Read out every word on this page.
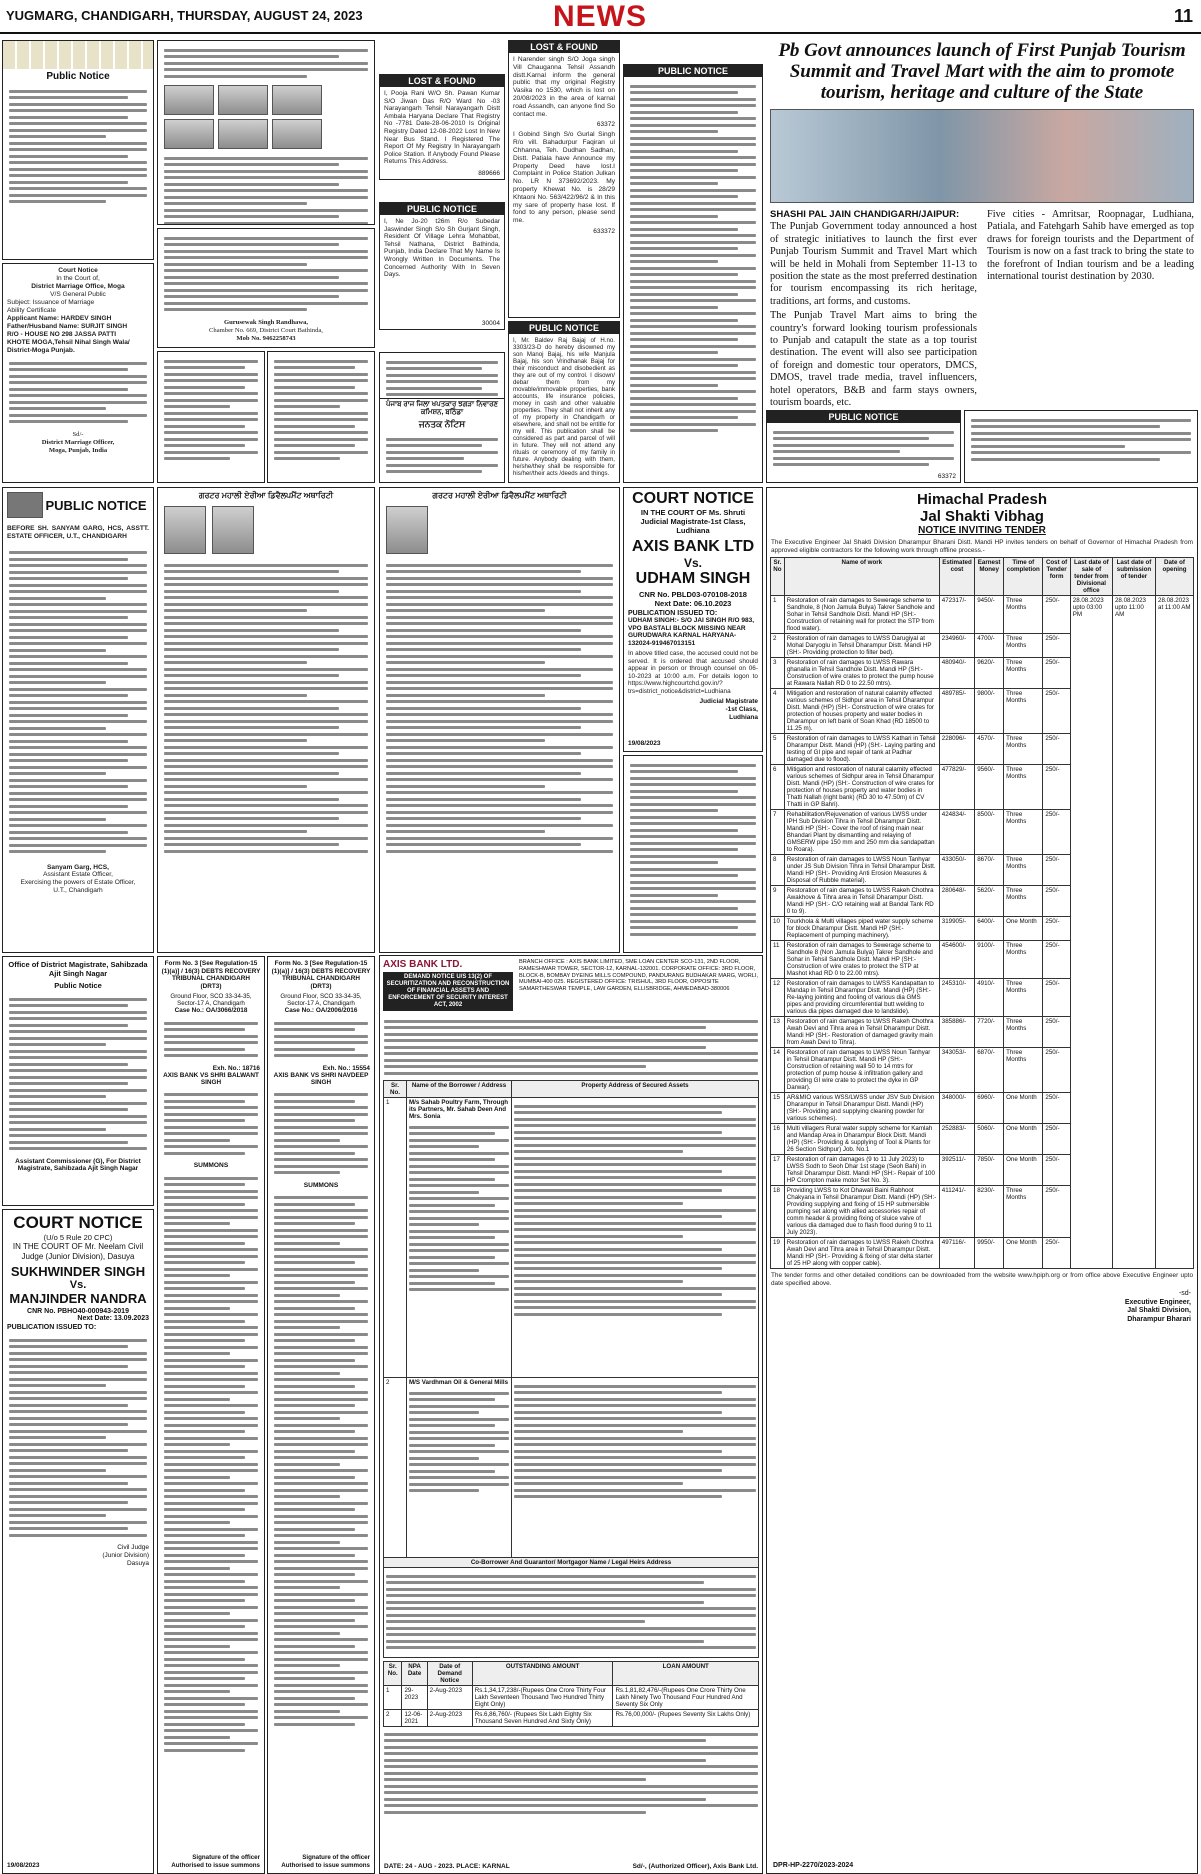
YUGMARG, CHANDIGARH, THURSDAY, AUGUST 24, 2023	NEWS	11
Public Notice
Court Notice
In the Court of,
District Marriage Office, Moga
V/S General Public
Subject: Issuance of Marriage
Ability Certificate
Applicant Name: HARDEV SINGH
Father/Husband Name: SURJIT SINGH
R/O - HOUSE NO 298 JASSA PATTI
KHOTE MOGA,Tehsil Nihal Singh Wala/
District-Moga Punjab.
Sd/-
District Marriage Officer,
Moga, Punjab, India
Gurusewak Singh Randhawa,
Chamber No. 669, District Court Bathinda,
Mob No. 9462258743
LOST & FOUND
I, Pooja Rani W/O Sh. Pawan Kumar S/O Jiwan Das R/O Ward No -03 Narayangarh Tehsil Narayangarh Distt Ambala Haryana Declare That Registry No -7781 Date-28-06-2010 Is Original Registry Dated 12-08-2022 Lost In New Near Bus Stand. I Registered The Report Of My Registry In Narayangarh Police Station. If Anybody Found Please Returns This Address.
889666
PUBLIC NOTICE
I, Ne Jo-20 t26m R/o Subedar Jaswinder Singh S/o Sh Gurjant Singh, Resident Of Village Lehra Mohabbat, Tehsil Nathana, District Bathinda, Punjab, India Declare That My Name Is Wrongly Written In Documents. The Concerned Authority With In Seven Days.
30004
ਪੰਜਾਬ ਰਾਜ ਜਿਲਾ ਖਪਤਕਾਰ ਝਗੜਾ ਨਿਵਾਰਣ ਕਮਿਸ਼ਨ, ਬਠਿੰਡਾ
ਜਨਤਕ ਨੋਟਿਸ
LOST & FOUND
I Narender singh S/O Joga singh Vill Chauganna Tehsil Assandh distt.Karnal inform the general public that my original Registry Vasika no 1530, which is lost on 20/08/2023 in the area of karnal road Assandh, can anyone find So contact me.
63372
I Gobind Singh S/o Gurlal Singh R/o vill. Bahadurpur Faqiran ul Chhanna, Teh. Dudhan Sadhan, Distt. Patiala have Announce my Property Deed have lost.I Complaint in Police Station Julkan No. LR N 373692/2023. My property Khewat No. is 28/29 Khtaoni No. 563/422/96/2 & In this my sare of property hase lost. If fond to any person, please send me.
633372
PUBLIC NOTICE
I, Mr. Baldev Raj Bajaj of H.no. 3303/23-D do hereby disowned my son Manoj Bajaj, his wife Manjula Bajaj, his son Vrindhanak Bajaj for their misconduct and disobedient as they are out of my control. I disown/ debar them from my movable/immovable properties, bank accounts, life insurance policies, money in cash and other valuable properties. They shall not inherit any of my property in Chandigarh or elsewhere, and shall not be entitle for my will. This publication shall be considered as part and parcel of will in future. They will not attend any rituals or ceremony of my family in future. Anybody dealing with them, he/she/they shall be responsible for his/her/their acts /deeds and things.
PUBLIC NOTICE
Pb Govt announces launch of First Punjab Tourism Summit and Travel Mart with the aim to promote tourism, heritage and culture of the State
SHASHI PAL JAIN CHANDIGARH/JAIPUR:
The Punjab Government today announced a host of strategic initiatives to launch the first ever Punjab Tourism Summit and Travel Mart which will be held in Mohali from September 11-13 to position the state as the most preferred destination for tourism encompassing its rich heritage, traditions, art forms, and customs.
The Punjab Travel Mart aims to bring the country's forward looking tourism professionals to Punjab and catapult the state as a top tourist destination. The event will also see participation of foreign and domestic tour operators, DMCS, DMOS, travel trade media, travel influencers, hotel operators, B&B and farm stays owners, tourism boards, etc.
Five cities - Amritsar, Roopnagar, Ludhiana, Patiala, and Fatehgarh Sahib have emerged as top draws for foreign tourists and the Department of Tourism is now on a fast track to bring the state to the forefront of Indian tourism and be a leading international tourist destination by 2030.
PUBLIC NOTICE
63372
PUBLIC NOTICE
BEFORE SH. SANYAM GARG, HCS, ASSTT. ESTATE OFFICER, U.T., CHANDIGARH
Sanyam Garg, HCS,
Assistant Estate Officer,
Exercising the powers of Estate Officer,
U.T., Chandigarh
ਗਰਟਰ ਮਹਾਲੀ ਏਰੀਆ ਡਿਵੈਲਪਮੈਂਟ ਅਥਾਰਿਟੀ	ਗਰਟਰ ਮਹਾਲੀ ਏਰੀਆ ਡਿਵੈਲਪਮੈਂਟ ਅਥਾਰਿਟੀ	COURT NOTICE
IN THE COURT OF Ms. Shruti Judicial Magistrate-1st Class, Ludhiana
AXIS BANK LTD
Vs.
UDHAM SINGH
CNR No. PBLD03-070108-2018
Next Date: 06.10.2023
PUBLICATION ISSUED TO:
UDHAM SINGH:- S/O JAI SINGH R/O 983, VPO BASTALI BLOCK MISSING NEAR GURUDWARA KARNAL HARYANA-132024-919467013151
In above titled case, the accused could not be served. It is ordered that accused should appear in person or through counsel on 06-10-2023 at 10:00 a.m. For details logon to https://www.highcourtchd.gov.in/?trs=district_notice&district=Ludhiana
Judicial Magistrate
-1st Class,
Ludhiana
19/08/2023
Himachal Pradesh
Jal Shakti Vibhag
NOTICE INVITING TENDER
The Executive Engineer Jal Shakti Division Dharampur Bharani Distt. Mandi HP invites tenders on behalf of Governor of Himachal Pradesh from approved eligible contractors for the following work through offline process.-
Sr. No	Name of work	Estimated cost	Earnest Money	Time of completion	Cost of Tender form	Last date of sale of tender from Divisional office	Last date of submission of tender	Date of opening
1	Restoration of rain damages to Sewerage scheme to Sandhole, 8 (Non Jamula Bulya) Takrer Sandhole and Sohar in Tehsil Sandhole Distt. Mandi HP (SH:- Construction of retaining wall for protect the STP from flood water).	472317/-	9450/-	Three Months	250/-	28.08.2023 upto 03:00 PM	28.08.2023 upto 11:00 AM	28.08.2023 at 11:00 AM
2	Restoration of rain damages to LWSS Darugiyal at Mohal Daryoglu in Tehsil Dharampur Distt. Mandi HP (SH:- Providing protection to filter bed).	234960/-	4700/-	Three Months	250/-			
3	Restoration of rain damages to LWSS Rawara ghanalla in Tehsil Sandhole Distt. Mandi HP (SH:- Construction of wire crates to protect the pump house at Rawara Nallah RD 0 to 22.50 mtrs).	480940/-	9620/-	Three Months	250/-			
4	Mitigation and restoration of natural calamity effected various schemes of Sidhpur area in Tehsil Dharampur Distt. Mandi (HP) (SH:- Construction of wire crates for protection of houses property and water bodies in Dharampur on left bank of Soan Khad (RD 18500 to 11.25 m).	489785/-	9800/-	Three Months	250/-			
5	Restoration of rain damages to LWSS Kathari in Tehsil Dharampur Distt. Mandi (HP) (SH:- Laying parting and testing of GI pipe and repair of tank at Padhar damaged due to flood).	228096/-	4570/-	Three Months	250/-			
6	Mitigation and restoration of natural calamity effected various schemes of Sidhpur area in Tehsil Dharampur Distt. Mandi (HP) (SH:- Construction of wire crates for protection of houses property and water bodies in Thatti Nallah (right bank) (RD 30 to 47.50m) of CV Thatti in GP Bahri).	477829/-	9560/-	Three Months	250/-			
7	Rehabilitation/Rejuvenation of various LWSS under IPH Sub Division Tihra in Tehsil Dharampur Distt. Mandi HP (SH:- Cover the roof of rising main near Bhandari Plant by dismantling and relaying of GMSERW pipe 150 mm and 250 mm dia sandapattan to Roara).	424834/-	8500/-	Three Months	250/-			
8	Restoration of rain damages to LWSS Noun Tanhyar under JS Sub Division Tihra in Tehsil Dharampur Distt. Mandi HP (SH:- Providing Anti Erosion Measures & Disposal of Rubble material).	433050/-	8670/-	Three Months	250/-			
9	Restoration of rain damages to LWSS Rakeh Chothra Awakhove & Tihra area in Tehsil Dharampur Distt. Mandi HP (SH:- C/O retaining wall at Bandal Tank RD 0 to 9).	280648/-	5620/-	Three Months	250/-			
10	Tourkhola & Multi villages piped water supply scheme for block Dharampur Distt. Mandi HP (SH:- Replacement of pumping machinery).	319905/-	6400/-	One Month	250/-			
11	Restoration of rain damages to Sewerage scheme to Sandhole 8 (Non Jamula Bulya) Takrer Sandhole and Sohar in Tehsil Sandhole Distt. Mandi HP (SH:- Construction of wire crates to protect the STP at Mashot khad RD 0 to 22.00 mtrs).	454600/-	9100/-	Three Months	250/-			
12	Restoration of rain damages to LWSS Kandapattan to Mandap in Tehsil Dharampur Distt. Mandi (HP) (SH:- Re-laying jointing and fooling of various dia GMS pipes and providing circumferential butt welding to various dia pipes damaged due to landslide).	245310/-	4910/-	Three Months	250/-			
13	Restoration of rain damages to LWSS Rakeh Chothra Awah Devi and Tihra area in Tehsil Dharampur Distt. Mandi HP (SH:- Restoration of damaged gravity main from Awah Devi to Tihra).	385886/-	7720/-	Three Months	250/-			
14	Restoration of rain damages to LWSS Noun Tanhyar in Tehsil Dharampur Distt. Mandi HP (SH:- Construction of retaining wall 50 to 14 mtrs for protection of pump house & infiltration gallery and providing GI wire crate to protect the dyke in GP Darwar).	343053/-	6870/-	Three Months	250/-			
15	AR&MIO various WSS/LWSS under JSV Sub Division Dharampur in Tehsil Dharampur Distt. Mandi (HP) (SH:- Providing and supplying cleaning powder for various schemes).	348000/-	6960/-	One Month	250/-			
16	Multi villagers Rural water supply scheme for Kamlah and Mandap Area in Dharampur Block Distt. Mandi (HP) (SH:- Providing & supplying of Tool & Plants for 26 Section Sidhpur) Job. No.1	252883/-	5060/-	One Month	250/-			
17	Restoration of rain damages (9 to 11 July 2023) to LWSS Sodh to Seoh Dhar 1st stage (Seoh Bahi) in Tehsil Dharampur Distt. Mandi HP (SH:- Repair of 100 HP Crompton make motor Set No. 3).	392511/-	7850/-	One Month	250/-			
18	Providing LWSS to Kot Dhawali Baini Rabhoot Chakyana in Tehsil Dharampur Distt. Mandi (HP) (SH:- Providing supplying and fixing of 15 HP submersible pumping set along with allied accessories repair of comm header & providing fixing of sluice valve of various dia damaged due to flash flood during 9 to 11 July 2023).	411241/-	8230/-	Three Months	250/-			
19	Restoration of rain damages to LWSS Rakeh Chothra Awah Devi and Tihra area in Tehsil Dharampur Distt. Mandi HP (SH:- Providing & fixing of star delta starter of 25 HP along with copper cable).	497116/-	9950/-	One Month	250/-			
The tender forms and other detailed conditions can be downloaded from the website www.hpiph.org or from office above Executive Engineer upto date specified above.
-sd-
Executive Engineer,
Jal Shakti Division,
Dharampur Bharari
DPR-HP-2270/2023-2024
AXIS BANK LTD.
DEMAND NOTICE U/S 13(2) OF SECURITIZATION AND RECONSTRUCTION OF FINANCIAL ASSETS AND ENFORCEMENT OF SECURITY INTEREST ACT, 2002
BRANCH OFFICE : AXIS BANK LIMITED, SME LOAN CENTER SCO-131, 2ND FLOOR, RAMESHWAR TOWER, SECTOR-12, KARNAL-132001. CORPORATE OFFICE: 3RD FLOOR, BLOCK-B, BOMBAY DYEING MILLS COMPOUND, PANDURANG BUDHAKAR MARG, WORLI, MUMBAI-400 025. REGISTERED OFFICE: TRISHUL, 3RD FLOOR, OPPOSITE SAMARTHESWAR TEMPLE, LAW GARDEN, ELLISBRIDGE, AHMEDABAD-380006
Sr. No.	Name of the Borrower / Address	Property Address of Secured Assets
1	M/s Sahab Poultry Farm, Through its Partners, Mr. Sahab Deen And Mrs. Sonia	

2	M/S Vardhman Oil & General Mills	

Co-Borrower And Guarantor/ Mortgagor Name / Legal Heirs Address		

Sr. No.	NPA Date	Date of Demand Notice	OUTSTANDING AMOUNT	LOAN AMOUNT
1	29-2023	2-Aug-2023	Rs.1,34,17,238/-(Rupees One Crore Thirty Four Lakh Seventeen Thousand Two Hundred Thirty Eight Only)	Rs.1,81,82,476/-(Rupees One Crore Thirty One Lakh Ninety Two Thousand Four Hundred And Seventy Six Only
2	12-06-2021	2-Aug-2023	Rs.6,86,760/- (Rupees Six Lakh Eighty Six Thousand Seven Hundred And Sixty Only)	Rs.76,00,000/- (Rupees Seventy Six Lakhs Only)
DATE: 24 - AUG - 2023. PLACE: KARNAL	Sd/-, (Authorized Officer), Axis Bank Ltd.
Office of District Magistrate, Sahibzada Ajit Singh Nagar
Public Notice
Assistant Commissioner (G), For District Magistrate, Sahibzada Ajit Singh Nagar
COURT NOTICE
(U/o 5 Rule 20 CPC)
IN THE COURT OF Mr. Neelam Civil Judge (Junior Division), Dasuya
SUKHWINDER SINGH
Vs.
MANJINDER NANDRA
CNR No. PBHO40-000943-2019
Next Date: 13.09.2023
PUBLICATION ISSUED TO:
Civil Judge
(Junior Division)
Dasuya
19/08/2023
Form No. 3 [See Regulation-15 (1)(a)] / 16(3) DEBTS RECOVERY TRIBUNAL CHANDIGARH (DRT3)
Ground Floor, SCO 33-34-35, Sector-17 A, Chandigarh
Case No.: OA/3066/2018
Exh. No.: 18716
AXIS BANK VS SHRI BALWANT SINGH
SUMMONS
Signature of the officer Authorised to issue summons
Form No. 3 [See Regulation-15 (1)(a)] / 16(3) DEBTS RECOVERY TRIBUNAL CHANDIGARH (DRT3)
Ground Floor, SCO 33-34-35, Sector-17 A, Chandigarh
Case No.: OA/2006/2016
Exh. No.: 15554
AXIS BANK VS SHRI NAVDEEP SINGH
SUMMONS
Signature of the officer Authorised to issue summons
